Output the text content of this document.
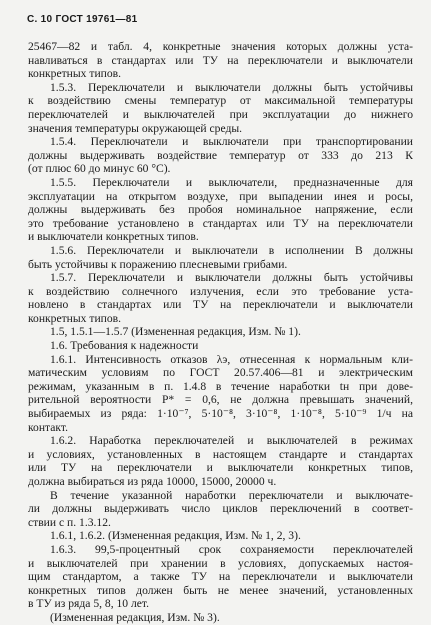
С. 10 ГОСТ 19761—81
25467—82 и табл. 4, конкретные значения которых должны уста-
навливаться в стандартах или ТУ на переключатели и выключатели
конкретных типов.
1.5.3. Переключатели и выключатели должны быть устойчивы
к воздействию смены температур от максимальной температуры
переключателей и выключателей при эксплуатации до нижнего
значения температуры окружающей среды.
1.5.4. Переключатели и выключатели при транспортировании
должны выдерживать воздействие температур от 333 до 213 К
(от плюс 60 до минус 60 °С).
1.5.5. Переключатели и выключатели, предназначенные для
эксплуатации на открытом воздухе, при выпадении инея и росы,
должны выдерживать без пробоя номинальное напряжение, если
это требование установлено в стандартах или ТУ на переключатели
и выключатели конкретных типов.
1.5.6. Переключатели и выключатели в исполнении В должны
быть устойчивы к поражению плесневыми грибами.
1.5.7. Переключатели и выключатели должны быть устойчивы
к воздействию солнечного излучения, если это требование уста-
новлено в стандартах или ТУ на переключатели и выключатели
конкретных типов.
1.5, 1.5.1—1.5.7 (Измененная редакция, Изм. № 1).
1.6. Требования к надежности
1.6.1. Интенсивность отказов λэ, отнесенная к нормальным кли-
матическим условиям по ГОСТ 20.57.406—81 и электрическим
режимам, указанным в п. 1.4.8 в течение наработки tн при дове-
рительной вероятности P* = 0,6, не должна превышать значений,
выбираемых из ряда: 1·10⁻⁷, 5·10⁻⁸, 3·10⁻⁸, 1·10⁻⁸, 5·10⁻⁹ 1/ч на
контакт.
1.6.2. Наработка переключателей и выключателей в режимах
и условиях, установленных в настоящем стандарте и стандартах
или ТУ на переключатели и выключатели конкретных типов,
должна выбираться из ряда 10000, 15000, 20000 ч.
В течение указанной наработки переключатели и выключате-
ли должны выдерживать число циклов переключений в соответ-
ствии с п. 1.3.12.
1.6.1, 1.6.2. (Измененная редакция, Изм. № 1, 2, 3).
1.6.3. 99,5-процентный срок сохраняемости переключателей
и выключателей при хранении в условиях, допускаемых настоя-
щим стандартом, а также ТУ на переключатели и выключатели
конкретных типов должен быть не менее значений, установленных
в ТУ из ряда 5, 8, 10 лет.
(Измененная редакция, Изм. № 3).
